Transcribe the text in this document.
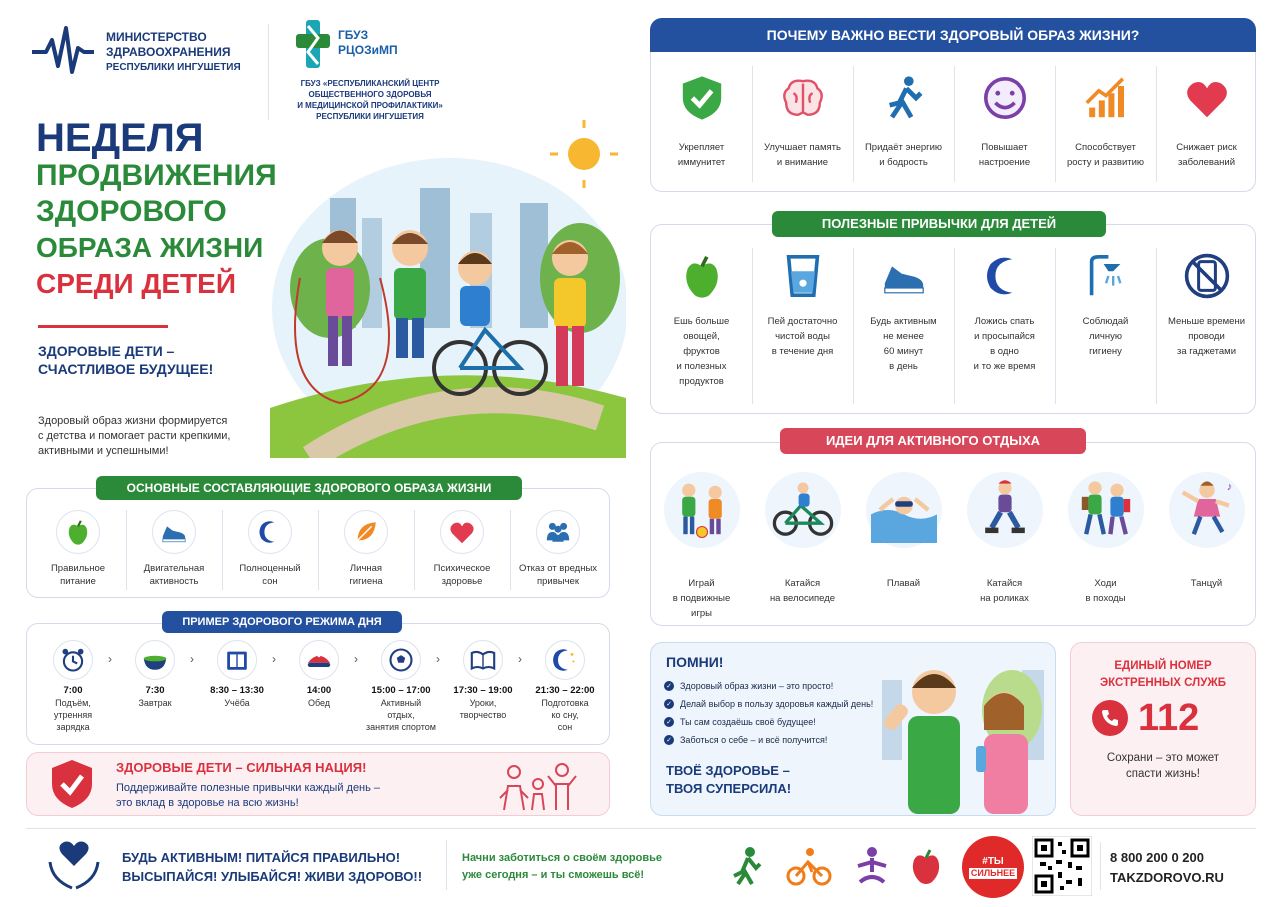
МИНИСТЕРСТВО
ЗДРАВООХРАНЕНИЯ
РЕСПУБЛИКИ ИНГУШЕТИЯ
ГБУЗ
РЦОЗиМП
ГБУЗ «РЕСПУБЛИКАНСКИЙ ЦЕНТР
ОБЩЕСТВЕННОГО ЗДОРОВЬЯ
И МЕДИЦИНСКОЙ ПРОФИЛАКТИКИ»
РЕСПУБЛИКИ ИНГУШЕТИЯ
НЕДЕЛЯ
ПРОДВИЖЕНИЯ
ЗДОРОВОГО
ОБРАЗА ЖИЗНИ
СРЕДИ ДЕТЕЙ
ЗДОРОВЫЕ ДЕТИ –
СЧАСТЛИВОЕ БУДУЩЕЕ!
Здоровый образ жизни формируется
с детства и помогает расти крепкими,
активными и успешными!
ОСНОВНЫЕ СОСТАВЛЯЮЩИЕ ЗДОРОВОГО ОБРАЗА ЖИЗНИ
Правильное
питание
Двигательная
активность
Полноценный
сон
Личная
гигиена
Психическое
здоровье
Отказ от вредных
привычек
ПРИМЕР ЗДОРОВОГО РЕЖИМА ДНЯ
7:00
Подъём,
утренняя
зарядка
›
7:30
Завтрак
›
8:30 – 13:30
Учёба
›
14:00
Обед
›
15:00 – 17:00
Активный
отдых,
занятия спортом
›
17:30 – 19:00
Уроки,
творчество
›
21:30 – 22:00
Подготовка
ко сну,
сон
ЗДОРОВЫЕ ДЕТИ – СИЛЬНАЯ НАЦИЯ!
Поддерживайте полезные привычки каждый день –
это вклад в здоровье на всю жизнь!
ПОЧЕМУ ВАЖНО ВЕСТИ ЗДОРОВЫЙ ОБРАЗ ЖИЗНИ?
Укрепляет
иммунитет
Улучшает память
и внимание
Придаёт энергию
и бодрость
Повышает
настроение
Способствует
росту и развитию
Снижает риск
заболеваний
ПОЛЕЗНЫЕ ПРИВЫЧКИ ДЛЯ ДЕТЕЙ
Ешь больше
овощей,
фруктов
и полезных
продуктов
Пей достаточно
чистой воды
в течение дня
Будь активным
не менее
60 минут
в день
Ложись спать
и просыпайся
в одно
и то же время
Соблюдай
личную
гигиену
Меньше времени
проводи
за гаджетами
ИДЕИ ДЛЯ АКТИВНОГО ОТДЫХА
Играй
в подвижные
игры
Катайся
на велосипеде
Плавай	Катайся
на роликах
Ходи
в походы
♪
Танцуй
ПОМНИ!
✓ Здоровый образ жизни – это просто!
✓ Делай выбор в пользу здоровья каждый день!
✓ Ты сам создаёшь своё будущее!
✓ Заботься о себе – и всё получится!
ТВОЁ ЗДОРОВЬЕ –
ТВОЯ СУПЕРСИЛА!
ЕДИНЫЙ НОМЕР
ЭКСТРЕННЫХ СЛУЖБ
112
Сохрани – это может
спасти жизнь!
БУДЬ АКТИВНЫМ! ПИТАЙСЯ ПРАВИЛЬНО!
ВЫСЫПАЙСЯ! УЛЫБАЙСЯ! ЖИВИ ЗДОРОВО!!
Начни заботиться о своём здоровье
уже сегодня – и ты сможешь всё!
#ТЫ
СИЛЬНЕЕ
8 800 200 0 200
TAKZDOROVO.RU
